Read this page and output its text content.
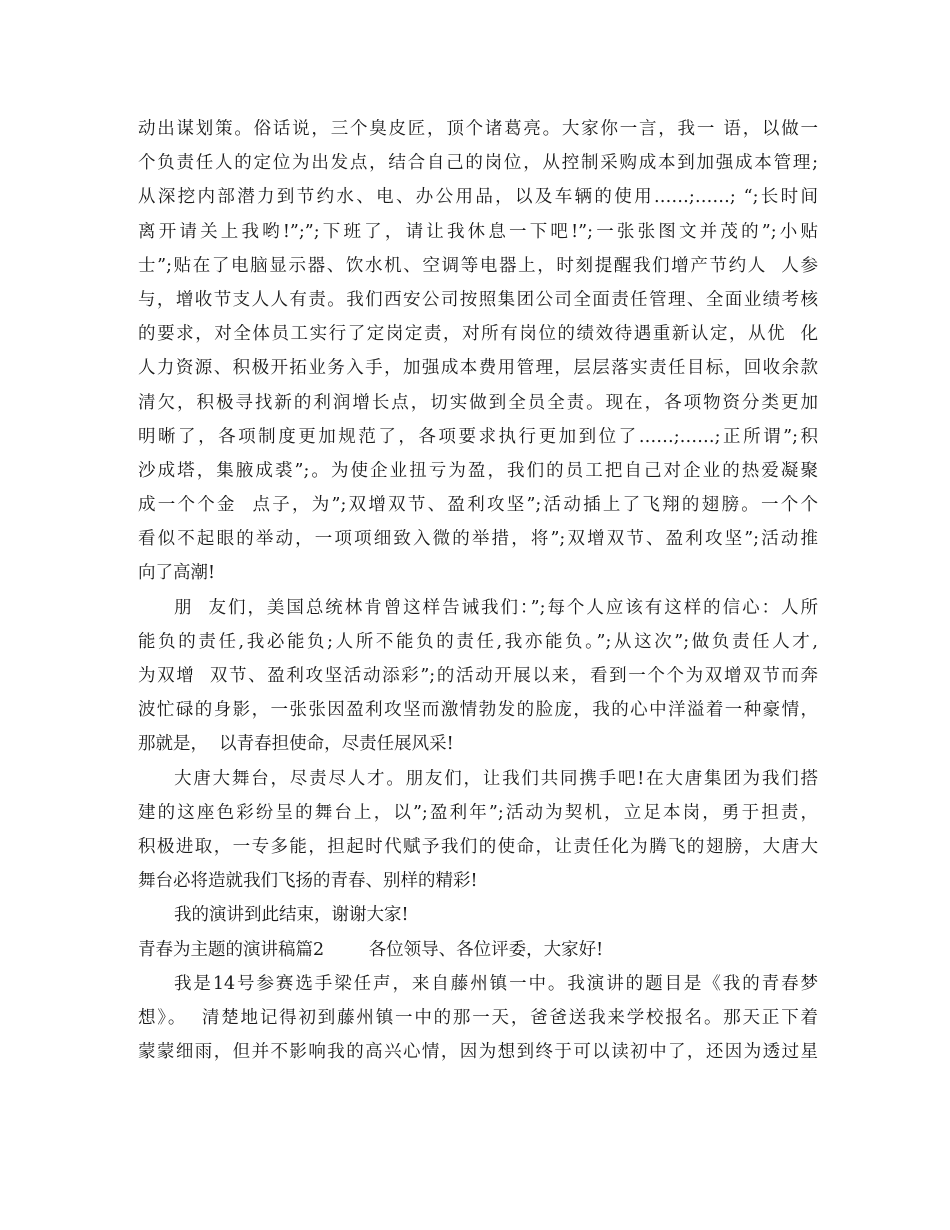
动出谋划策。俗话说，三个臭皮匠，顶个诸葛亮。大家你一言，我一 语，以做一
个负责任人的定位为出发点，结合自己的岗位，从控制采购成本到加强成本管理;
从深挖内部潜力到节约水、电、办公用品，以及车辆的使用……;……; “;长时间
离开请关上我哟!”;”;下班了，请让我休息一下吧!”;一张张图文并茂的”;小贴
士”;贴在了电脑显示器、饮水机、空调等电器上，时刻提醒我们增产节约人  人参
与，增收节支人人有责。我们西安公司按照集团公司全面责任管理、全面业绩考核
的要求，对全体员工实行了定岗定责，对所有岗位的绩效待遇重新认定，从优  化
人力资源、积极开拓业务入手，加强成本费用管理，层层落实责任目标，回收余款
清欠，积极寻找新的利润增长点，切实做到全员全责。现在，各项物资分类更加
明晰了，各项制度更加规范了，各项要求执行更加到位了……;……;正所谓”;积
沙成塔，集腋成裘”;。为使企业扭亏为盈，我们的员工把自己对企业的热爱凝聚
成一个个金  点子，为”;双增双节、盈利攻坚”;活动插上了飞翔的翅膀。一个个
看似不起眼的举动，一项项细致入微的举措，将”;双增双节、盈利攻坚”;活动推
向了高潮!
朋  友们，美国总统林肯曾这样告诫我们：”;每个人应该有这样的信心：人所
能负的责任,我必能负;人所不能负的责任,我亦能负。”;从这次”;做负责任人才,
为双增  双节、盈利攻坚活动添彩”;的活动开展以来，看到一个个为双增双节而奔
波忙碌的身影，一张张因盈利攻坚而激情勃发的脸庞，我的心中洋溢着一种豪情，
那就是，  以青春担使命，尽责任展风采!
大唐大舞台，尽责尽人才。朋友们，让我们共同携手吧!在大唐集团为我们搭
建的这座色彩纷呈的舞台上，以”;盈利年”;活动为契机，立足本岗，勇于担责，
积极进取，一专多能，担起时代赋予我们的使命，让责任化为腾飞的翅膀，大唐大
舞台必将造就我们飞扬的青春、别样的精彩!
我的演讲到此结束，谢谢大家!
青春为主题的演讲稿篇2        各位领导、各位评委，大家好!
我是14号参赛选手梁任声，来自藤州镇一中。我演讲的题目是《我的青春梦
想》。  清楚地记得初到藤州镇一中的那一天，爸爸送我来学校报名。那天正下着
蒙蒙细雨，但并不影响我的高兴心情，因为想到终于可以读初中了，还因为透过星
